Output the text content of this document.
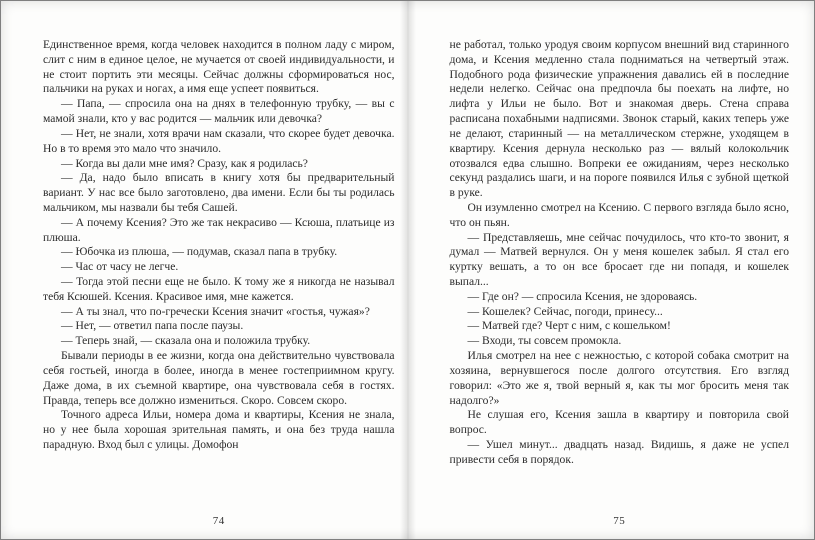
Единственное время, когда человек находится в полном ладу с миром, слит с ним в единое целое, не мучается от своей индивидуальности, и не стоит портить эти месяцы. Сейчас должны сформироваться нос, пальчики на руках и ногах, а имя еще успеет появиться.

— Папа, — спросила она на днях в телефонную трубку, — вы с мамой знали, кто у вас родится — мальчик или девочка?

— Нет, не знали, хотя врачи нам сказали, что скорее будет девочка. Но в то время это мало что значило.

— Когда вы дали мне имя? Сразу, как я родилась?

— Да, надо было вписать в книгу хотя бы предварительный вариант. У нас все было заготовлено, два имени. Если бы ты родилась мальчиком, мы назвали бы тебя Сашей.

— А почему Ксения? Это же так некрасиво — Ксюша, платьице из плюша.

— Юбочка из плюша, — подумав, сказал папа в трубку.

— Час от часу не легче.

— Тогда этой песни еще не было. К тому же я никогда не называл тебя Ксюшей. Ксения. Красивое имя, мне кажется.

— А ты знал, что по-гречески Ксения значит «гостья, чужая»?

— Нет, — ответил папа после паузы.

— Теперь знай, — сказала она и положила трубку.

Бывали периоды в ее жизни, когда она действительно чувствовала себя гостьей, иногда в более, иногда в менее гостеприимном кругу. Даже дома, в их съемной квартире, она чувствовала себя в гостях. Правда, теперь все должно измениться. Скоро. Совсем скоро.

Точного адреса Ильи, номера дома и квартиры, Ксения не знала, но у нее была хорошая зрительная память, и она без труда нашла парадную. Вход был с улицы. Домофон

74

не работал, только уродуя своим корпусом внешний вид старинного дома, и Ксения медленно стала подниматься на четвертый этаж. Подобного рода физические упражнения давались ей в последние недели нелегко. Сейчас она предпочла бы поехать на лифте, но лифта у Ильи не было. Вот и знакомая дверь. Стена справа расписана похабными надписями. Звонок старый, каких теперь уже не делают, старинный — на металлическом стержне, уходящем в квартиру. Ксения дернула несколько раз — вялый колокольчик отозвался едва слышно. Вопреки ее ожиданиям, через несколько секунд раздались шаги, и на пороге появился Илья с зубной щеткой в руке.

Он изумленно смотрел на Ксению. С первого взгляда было ясно, что он пьян.

— Представляешь, мне сейчас почудилось, что кто-то звонит, я думал — Матвей вернулся. Он у меня кошелек забыл. Я стал его куртку вешать, а то он все бросает где ни попадя, и кошелек выпал...

— Где он? — спросила Ксения, не здороваясь.

— Кошелек? Сейчас, погоди, принесу...

— Матвей где? Черт с ним, с кошельком!

— Входи, ты совсем промокла.

Илья смотрел на нее с нежностью, с которой собака смотрит на хозяина, вернувшегося после долгого отсутствия. Его взгляд говорил: «Это же я, твой верный я, как ты мог бросить меня так надолго?»

Не слушая его, Ксения зашла в квартиру и повторила свой вопрос.

— Ушел минут... двадцать назад. Видишь, я даже не успел привести себя в порядок.

75
